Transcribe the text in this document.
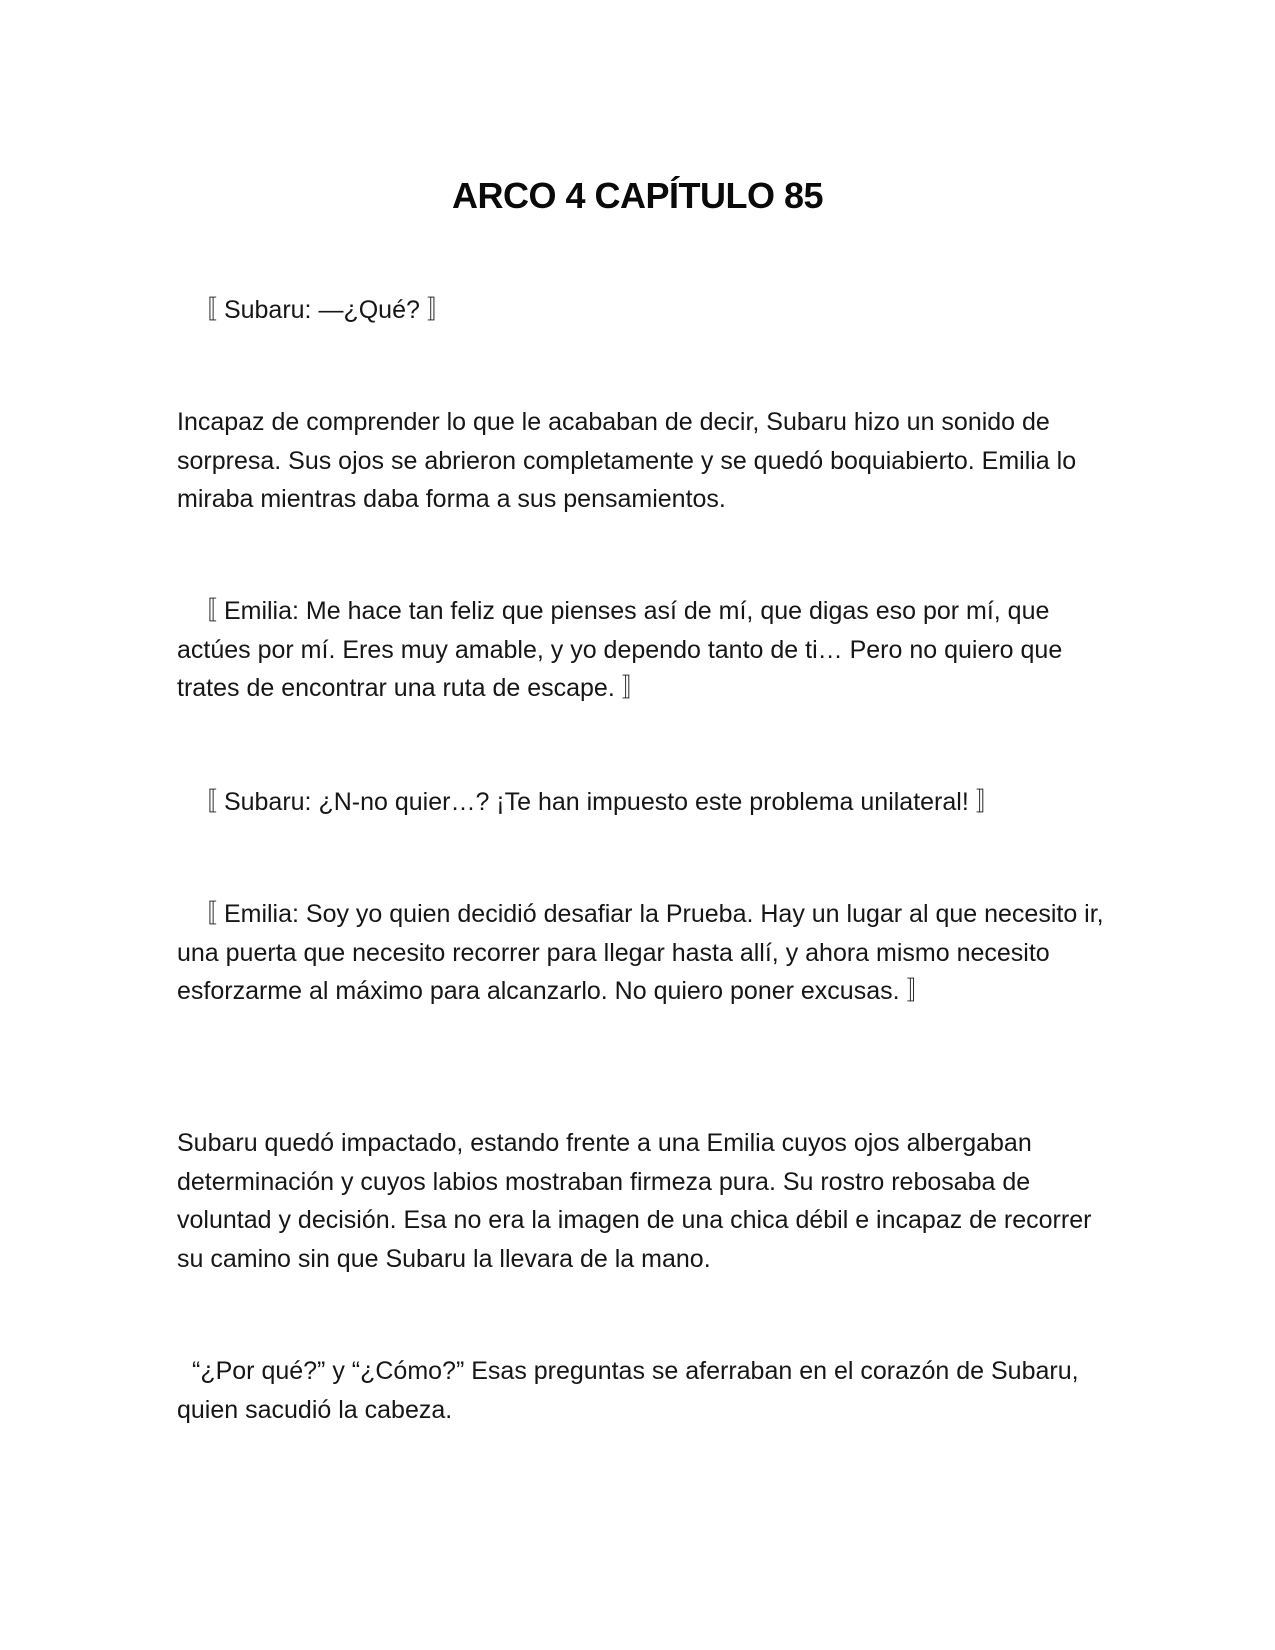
ARCO 4 CAPÍTULO 85

〚 Subaru: —¿Qué? 〛

Incapaz de comprender lo que le acababan de decir, Subaru hizo un sonido de sorpresa. Sus ojos se abrieron completamente y se quedó boquiabierto. Emilia lo miraba mientras daba forma a sus pensamientos.

〚 Emilia: Me hace tan feliz que pienses así de mí, que digas eso por mí, que actúes por mí. Eres muy amable, y yo dependo tanto de ti… Pero no quiero que trates de encontrar una ruta de escape. 〛

〚 Subaru: ¿N-no quier…? ¡Te han impuesto este problema unilateral! 〛

〚 Emilia: Soy yo quien decidió desafiar la Prueba. Hay un lugar al que necesito ir, una puerta que necesito recorrer para llegar hasta allí, y ahora mismo necesito esforzarme al máximo para alcanzarlo. No quiero poner excusas. 〛

Subaru quedó impactado, estando frente a una Emilia cuyos ojos albergaban determinación y cuyos labios mostraban firmeza pura. Su rostro rebosaba de voluntad y decisión. Esa no era la imagen de una chica débil e incapaz de recorrer su camino sin que Subaru la llevara de la mano.

“¿Por qué?” y “¿Cómo?” Esas preguntas se aferraban en el corazón de Subaru, quien sacudió la cabeza.
